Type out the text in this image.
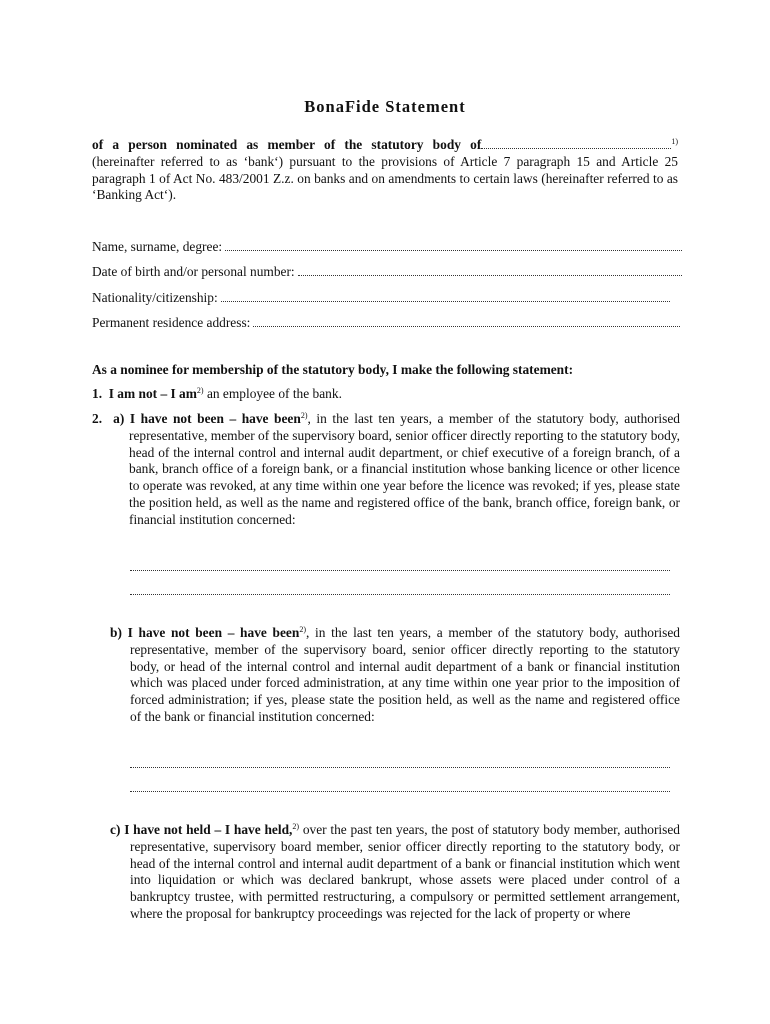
BonaFide Statement
of a person nominated as member of the statutory body of	$^{1)}$ (hereinafter referred to as ‘bank‘) pursuant to the provisions of Article 7 paragraph 15 and Article 25 paragraph 1 of Act No. 483/2001 Z.z. on banks and on amendments to certain laws (hereinafter referred to as ‘Banking Act‘).
Name, surname, degree:
Date of birth and/or personal number:
Nationality/citizenship:
Permanent residence address:
As a nominee for membership of the statutory body, I make the following statement:
1. I am not – I $am^{2)}$ an employee of the bank.
2. a) I have not been – have been$^{2)}$, in the last ten years, a member of the statutory body, authorised representative, member of the supervisory board, senior officer directly reporting to the statutory body, head of the internal control and internal audit department, or chief executive of a foreign branch, of a bank, branch office of a foreign bank, or a financial institution whose banking licence or other licence to operate was revoked, at any time within one year before the licence was revoked; if yes, please state the position held, as well as the name and registered office of the bank, branch office, foreign bank, or financial institution concerned:
b) I have not been – have been$^{2)}$, in the last ten years, a member of the statutory body, authorised representative, member of the supervisory board, senior officer directly reporting to the statutory body, or head of the internal control and internal audit department of a bank or financial institution which was placed under forced administration, at any time within one year prior to the imposition of forced administration; if yes, please state the position held, as well as the name and registered office of the bank or financial institution concerned:
c) I have not held – I have held,$^{2)}$ over the past ten years, the post of statutory body member, authorised representative, supervisory board member, senior officer directly reporting to the statutory body, or head of the internal control and internal audit department of a bank or financial institution which went into liquidation or which was declared bankrupt, whose assets were placed under control of a bankruptcy trustee, with permitted restructuring, a compulsory or permitted settlement arrangement, where the proposal for bankruptcy proceedings was rejected for the lack of property or where
